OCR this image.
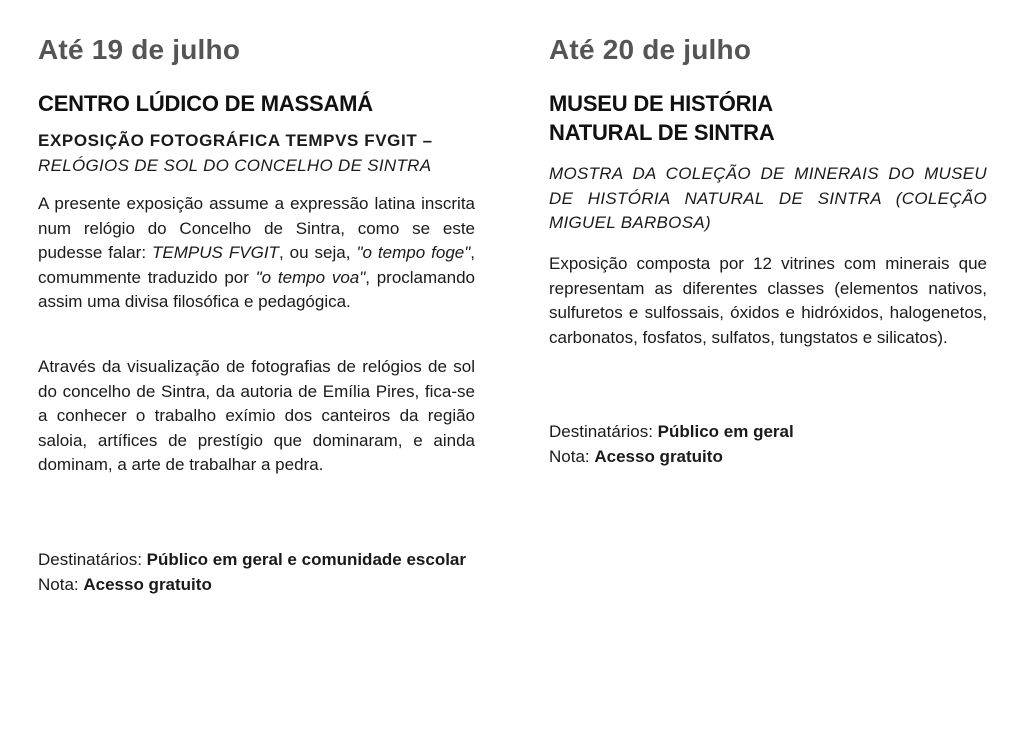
Até 19 de julho
CENTRO LÚDICO DE MASSAMÁ
EXPOSIÇÃO FOTOGRÁFICA TEMPVS FVGIT –
RELÓGIOS DE SOL DO CONCELHO DE SINTRA

A presente exposição assume a expressão latina inscrita num relógio do Concelho de Sintra, como se este pudesse falar: TEMPUS FVGIT, ou seja, "o tempo foge", comummente traduzido por "o tempo voa", proclamando assim uma divisa filosófica e pedagógica.

Através da visualização de fotografias de relógios de sol do concelho de Sintra, da autoria de Emília Pires, fica-se a conhecer o trabalho exímio dos canteiros da região saloia, artífices de prestígio que dominaram, e ainda dominam, a arte de trabalhar a pedra.

Destinatários: Público em geral e comunidade escolar
Nota: Acesso gratuito
Até 20 de julho
MUSEU DE HISTÓRIA
NATURAL DE SINTRA
MOSTRA DA COLEÇÃO DE MINERAIS DO MUSEU DE HISTÓRIA NATURAL DE SINTRA (COLEÇÃO MIGUEL BARBOSA)

Exposição composta por 12 vitrines com minerais que representam as diferentes classes (elementos nativos, sulfuretos e sulfossais, óxidos e hidróxidos, halogenetos, carbonatos, fosfatos, sulfatos, tungstatos e silicatos).

Destinatários: Público em geral
Nota: Acesso gratuito
